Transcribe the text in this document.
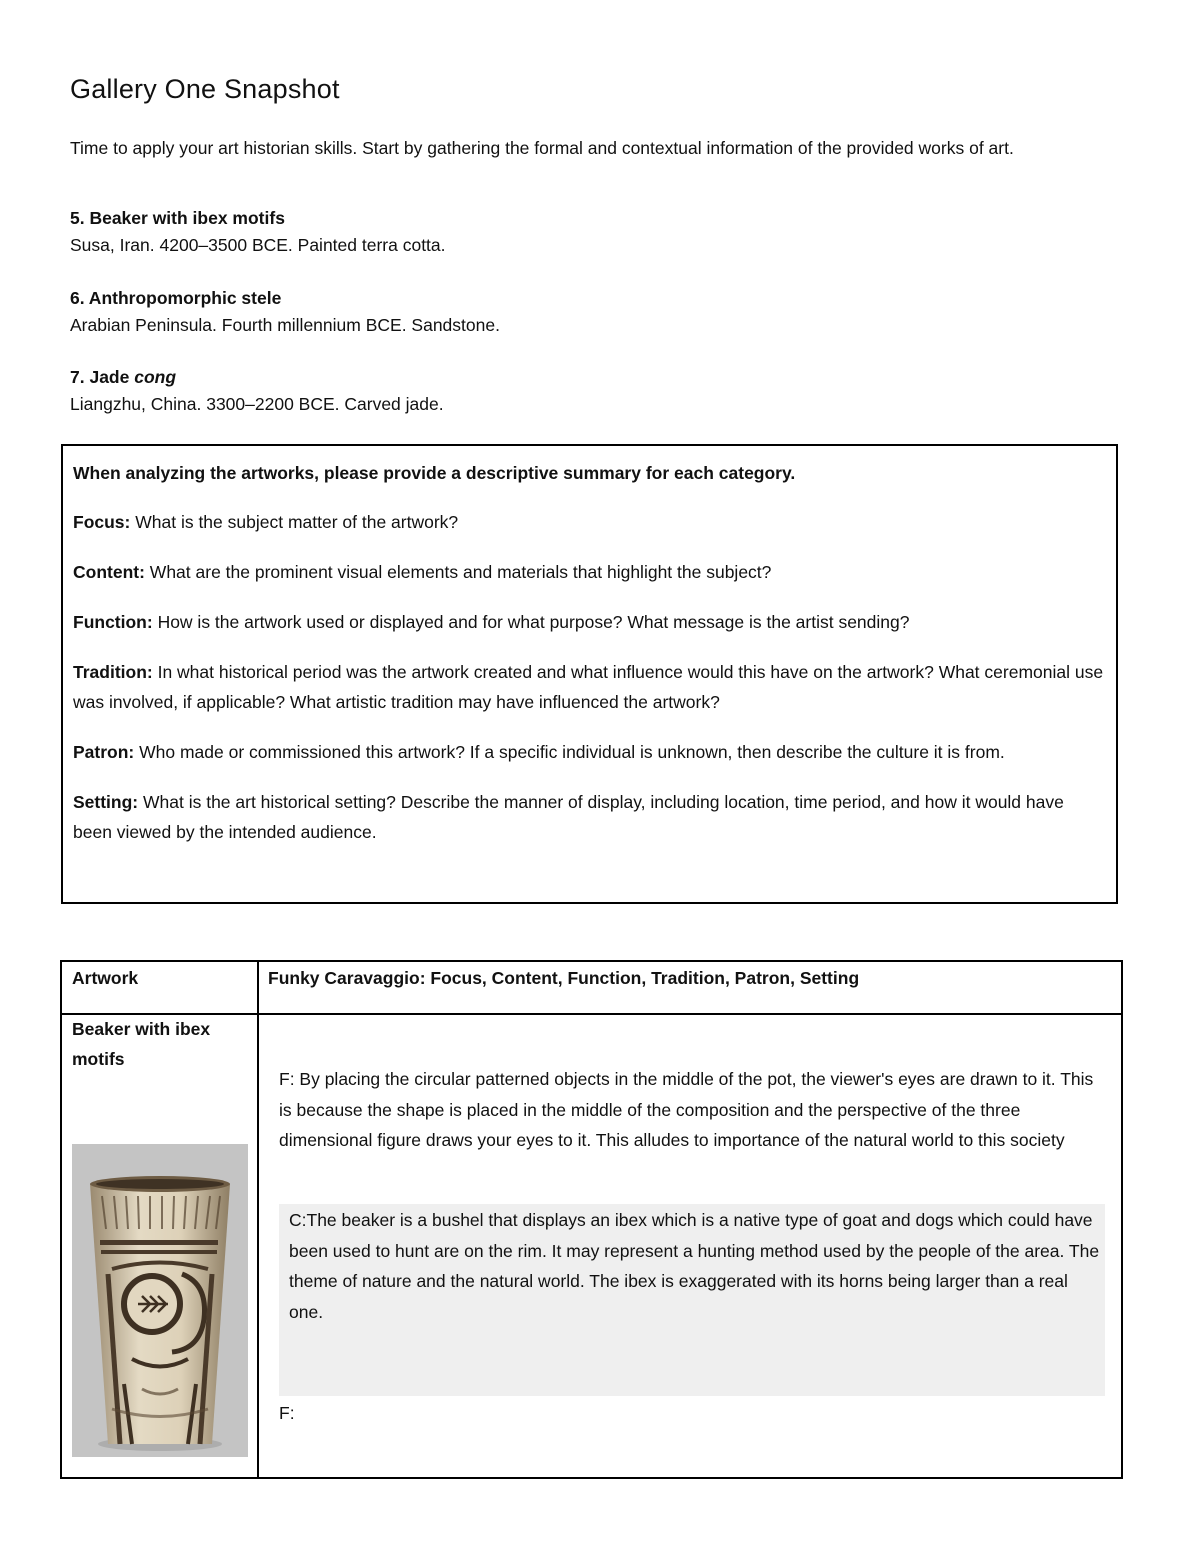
Gallery One Snapshot
Time to apply your art historian skills. Start by gathering the formal and contextual information of the provided works of art.
5. Beaker with ibex motifs
Susa, Iran. 4200–3500 BCE. Painted terra cotta.
6. Anthropomorphic stele
Arabian Peninsula. Fourth millennium BCE. Sandstone.
7. Jade cong
Liangzhu, China. 3300–2200 BCE. Carved jade.

When analyzing the artworks, please provide a descriptive summary for each category.

Focus: What is the subject matter of the artwork?

Content: What are the prominent visual elements and materials that highlight the subject?

Function: How is the artwork used or displayed and for what purpose? What message is the artist sending?

Tradition: In what historical period was the artwork created and what influence would this have on the artwork? What ceremonial use was involved, if applicable? What artistic tradition may have influenced the artwork?

Patron: Who made or commissioned this artwork? If a specific individual is unknown, then describe the culture it is from.

Setting: What is the art historical setting? Describe the manner of display, including location, time period, and how it would have been viewed by the intended audience.

Artwork	Funky Caravaggio: Focus, Content, Function, Tradition, Patron, Setting
Beaker with ibex motifs
F: By placing the circular patterned objects in the middle of the pot, the viewer's eyes are drawn to it. This is because the shape is placed in the middle of the composition and the perspective of the three dimensional figure draws your eyes to it. This alludes to importance of the natural world to this society
C:The beaker is a bushel that displays an ibex which is a native type of goat and dogs which could have been used to hunt are on the rim. It may represent a hunting method used by the people of the area. The theme of nature and the natural world. The ibex is exaggerated with its horns being larger than a real one.
F:
